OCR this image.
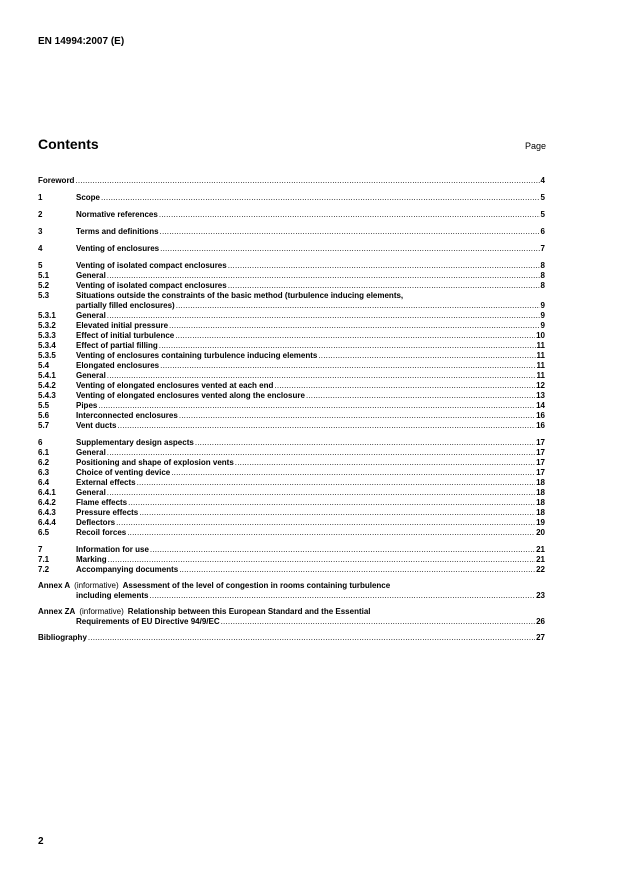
EN 14994:2007 (E)
Contents	Page
Foreword .....	4
1	Scope .....	5
2	Normative references .....	5
3	Terms and definitions .....	6
4	Venting of enclosures .....	7
5	Venting of isolated compact enclosures .....	8
5.1	General .....	8
5.2	Venting of isolated compact enclosures .....	8
5.3	Situations outside the constraints of the basic method (turbulence inducing elements,
partially filled enclosures) .....	9
5.3.1	General .....	9
5.3.2	Elevated initial pressure .....	9
5.3.3	Effect of initial turbulence .....	10
5.3.4	Effect of partial filling .....	11
5.3.5	Venting of enclosures containing turbulence inducing elements .....	11
5.4	Elongated enclosures .....	11
5.4.1	General .....	11
5.4.2	Venting of elongated enclosures vented at each end .....	12
5.4.3	Venting of elongated enclosures vented along the enclosure .....	13
5.5	Pipes .....	14
5.6	Interconnected enclosures .....	16
5.7	Vent ducts .....	16
6	Supplementary design aspects .....	17
6.1	General .....	17
6.2	Positioning and shape of explosion vents .....	17
6.3	Choice of venting device .....	17
6.4	External effects .....	18
6.4.1	General .....	18
6.4.2	Flame effects .....	18
6.4.3	Pressure effects .....	18
6.4.4	Deflectors .....	19
6.5	Recoil forces .....	20
7	Information for use .....	21
7.1	Marking .....	21
7.2	Accompanying documents .....	22
Annex A (informative) Assessment of the level of congestion in rooms containing turbulence
including elements .....	23
Annex ZA (informative) Relationship between this European Standard and the Essential
Requirements of EU Directive 94/9/EC .....	26
Bibliography .....	27
2
